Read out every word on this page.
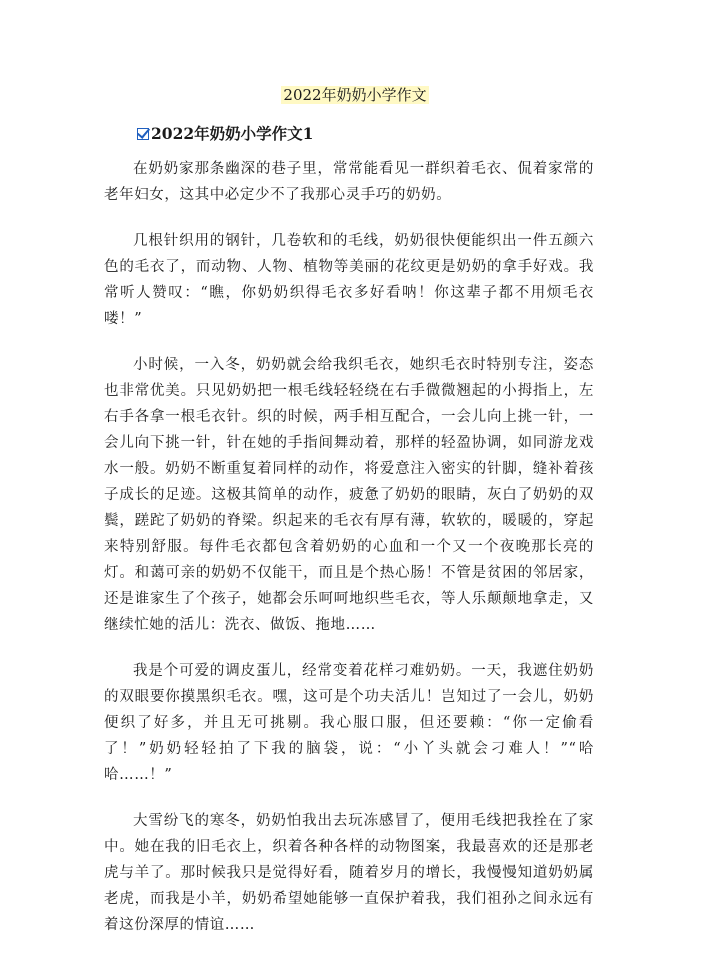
2022年奶奶小学作文
2022年奶奶小学作文1

在奶奶家那条幽深的巷子里，常常能看见一群织着毛衣、侃着家常的老年妇女，这其中必定少不了我那心灵手巧的奶奶。

几根针织用的钢针，几卷软和的毛线，奶奶很快便能织出一件五颜六色的毛衣了，而动物、人物、植物等美丽的花纹更是奶奶的拿手好戏。我常听人赞叹：“瞧，你奶奶织得毛衣多好看呐！你这辈子都不用烦毛衣喽！”

小时候，一入冬，奶奶就会给我织毛衣，她织毛衣时特别专注，姿态也非常优美。只见奶奶把一根毛线轻轻绕在右手微微翘起的小拇指上，左右手各拿一根毛衣针。织的时候，两手相互配合，一会儿向上挑一针，一会儿向下挑一针，针在她的手指间舞动着，那样的轻盈协调，如同游龙戏水一般。奶奶不断重复着同样的动作，将爱意注入密实的针脚，缝补着孩子成长的足迹。这极其简单的动作，疲惫了奶奶的眼睛，灰白了奶奶的双鬓，蹉跎了奶奶的脊梁。织起来的毛衣有厚有薄，软软的，暖暖的，穿起来特别舒服。每件毛衣都包含着奶奶的心血和一个又一个夜晚那长亮的灯。和蔼可亲的奶奶不仅能干，而且是个热心肠！不管是贫困的邻居家，还是谁家生了个孩子，她都会乐呵呵地织些毛衣，等人乐颠颠地拿走，又继续忙她的活儿：洗衣、做饭、拖地……

我是个可爱的调皮蛋儿，经常变着花样刁难奶奶。一天，我遮住奶奶的双眼要你摸黑织毛衣。嘿，这可是个功夫活儿！岂知过了一会儿，奶奶便织了好多，并且无可挑剔。我心服口服，但还要赖：“你一定偷看了！”奶奶轻轻拍了下我的脑袋，说：“小丫头就会刁难人！”“哈哈……！”

大雪纷飞的寒冬，奶奶怕我出去玩冻感冒了，便用毛线把我拴在了家中。她在我的旧毛衣上，织着各种各样的动物图案，我最喜欢的还是那老虎与羊了。那时候我只是觉得好看，随着岁月的增长，我慢慢知道奶奶属老虎，而我是小羊，奶奶希望她能够一直保护着我，我们祖孙之间永远有着这份深厚的情谊……
